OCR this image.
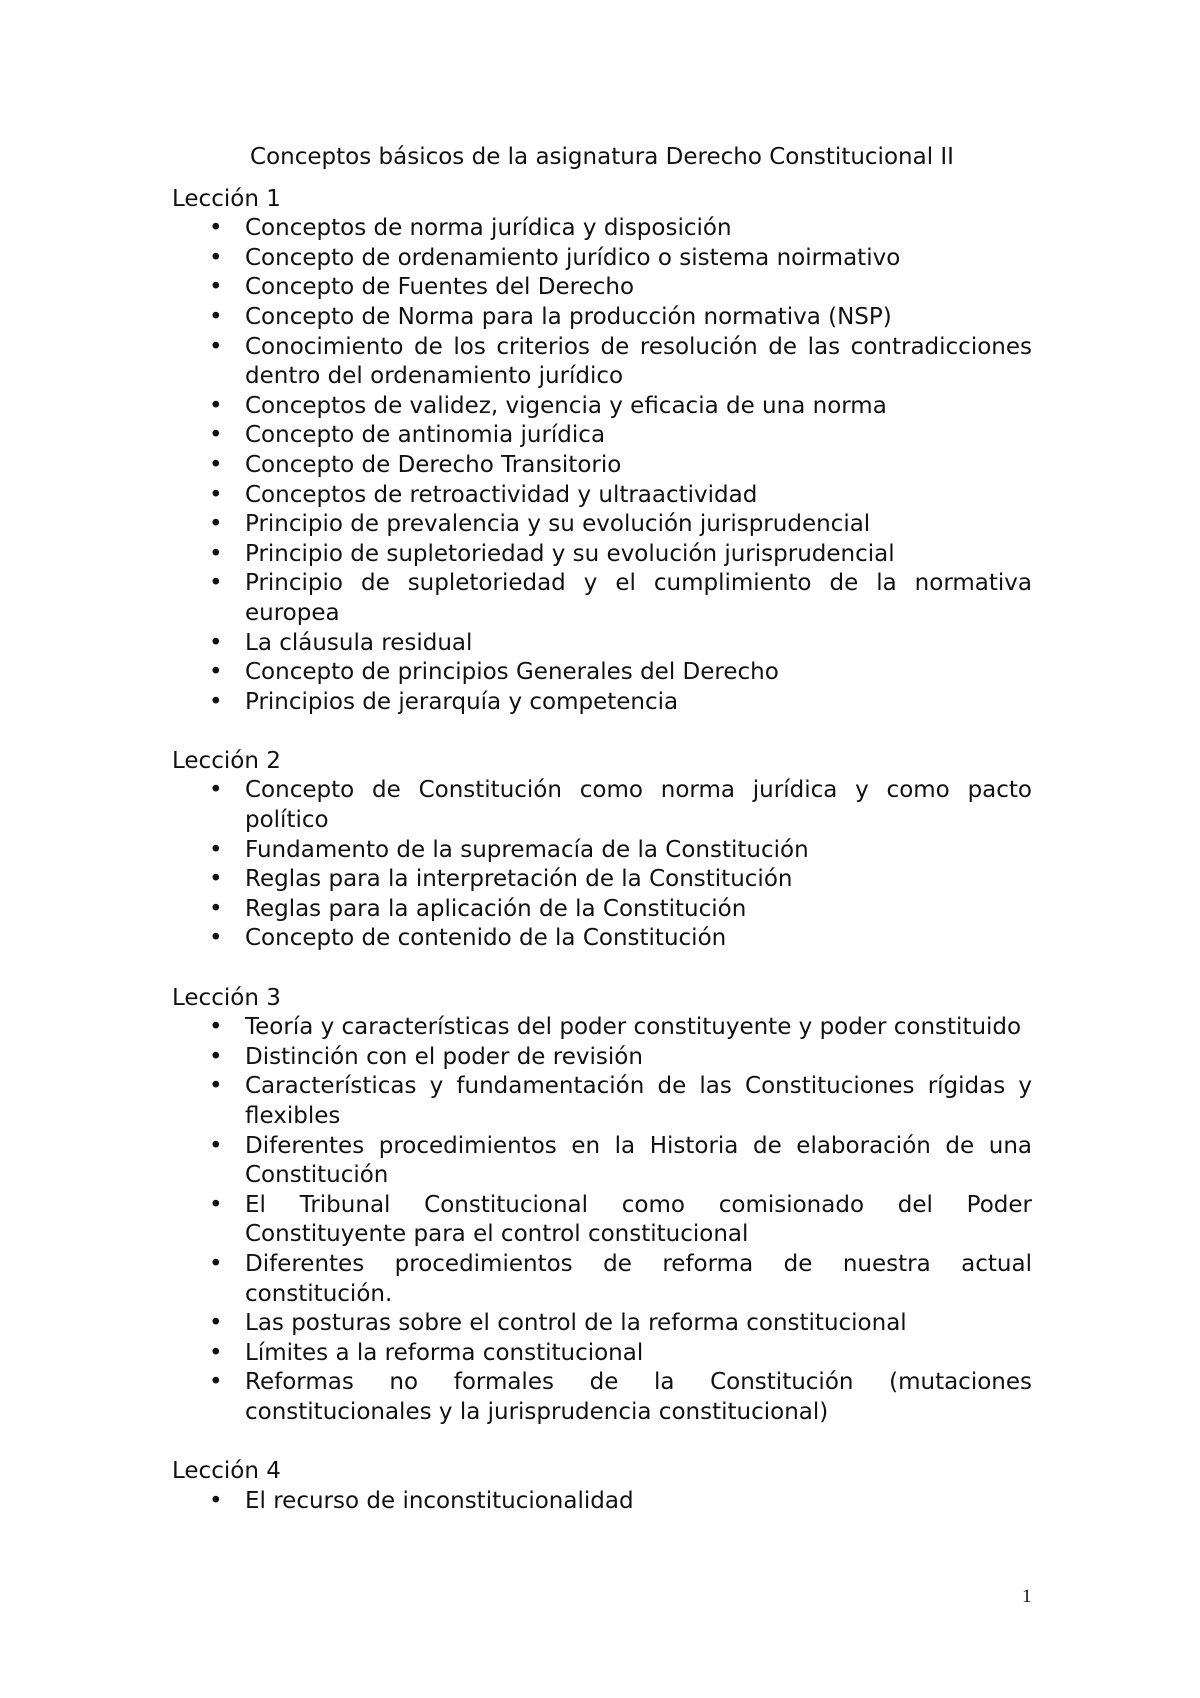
Conceptos básicos de la asignatura Derecho Constitucional II
Lección 1
• Conceptos de norma jurídica y disposición
• Concepto de ordenamiento jurídico o sistema noirmativo
• Concepto de Fuentes del Derecho
• Concepto de Norma para la producción normativa (NSP)
• Conocimiento de los criterios de resolución de las contradicciones dentro del ordenamiento jurídico
• Conceptos de validez, vigencia y eficacia de una norma
• Concepto de antinomia jurídica
• Concepto de Derecho Transitorio
• Conceptos de retroactividad y ultraactividad
• Principio de prevalencia y su evolución jurisprudencial
• Principio de supletoriedad y su evolución jurisprudencial
• Principio de supletoriedad y el cumplimiento de la normativa europea
• La cláusula residual
• Concepto de principios Generales del Derecho
• Principios de jerarquía y competencia
Lección 2
• Concepto de Constitución como norma jurídica y como pacto político
• Fundamento de la supremacía de la Constitución
• Reglas para la interpretación de la Constitución
• Reglas para la aplicación de la Constitución
• Concepto de contenido de la Constitución
Lección 3
• Teoría y características del poder constituyente y poder constituido
• Distinción con el poder de revisión
• Características y fundamentación de las Constituciones rígidas y flexibles
• Diferentes procedimientos en la Historia de elaboración de una Constitución
• El Tribunal Constitucional como comisionado del Poder Constituyente para el control constitucional
• Diferentes procedimientos de reforma de nuestra actual constitución.
• Las posturas sobre el control de la reforma constitucional
• Límites a la reforma constitucional
• Reformas no formales de la Constitución (mutaciones constitucionales y la jurisprudencia constitucional)
Lección 4
• El recurso de inconstitucionalidad
1
